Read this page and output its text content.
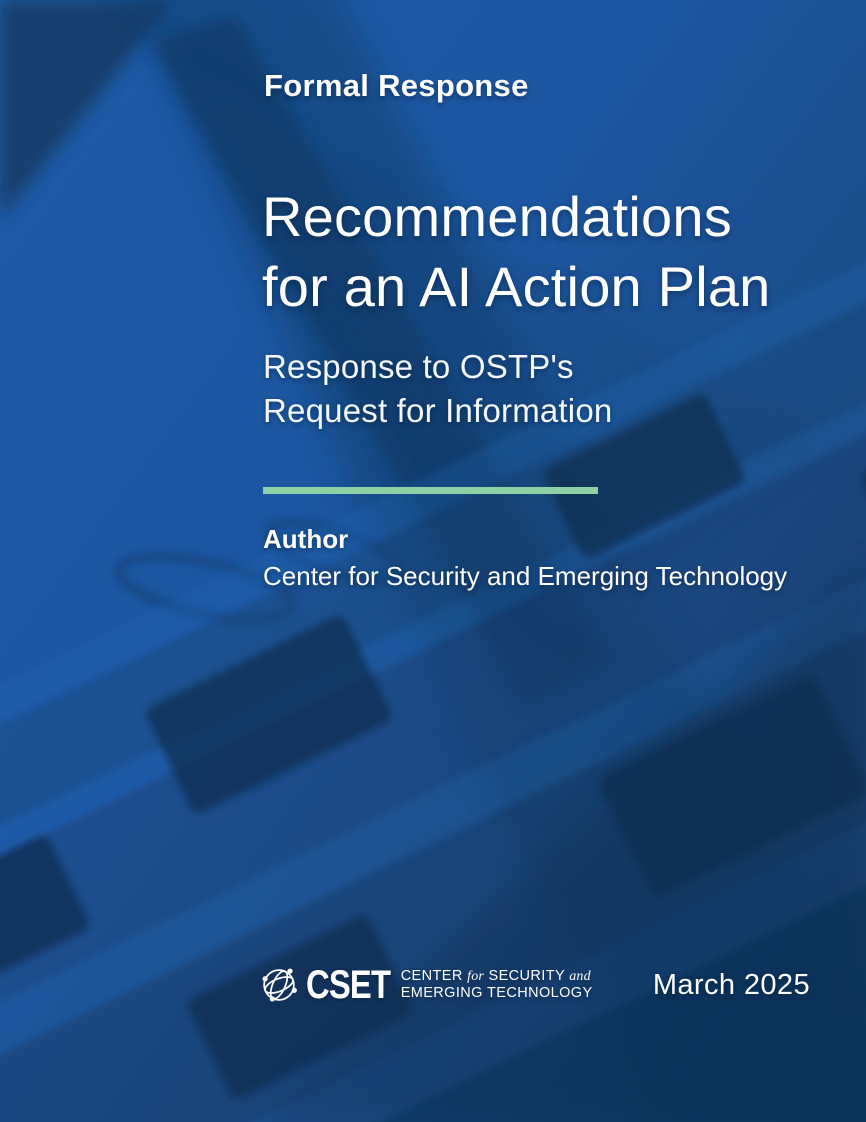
Formal Response
Recommendations
for an AI Action Plan
Response to OSTP's
Request for Information
Author
Center for Security and Emerging Technology
CSET CENTER for SECURITY and
EMERGING TECHNOLOGY March 2025
